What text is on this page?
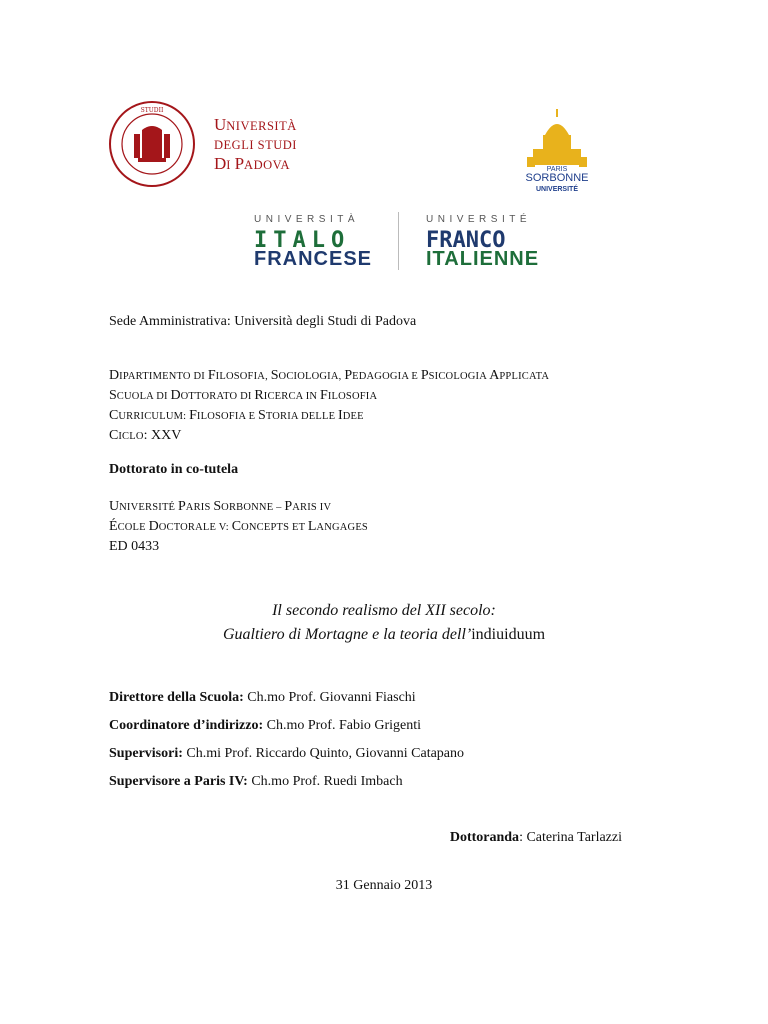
STUDII
UNIVERSITÀ
DEGLI STUDI
DI PADOVA	PARIS
SORBONNE
UNIVERSITÉ
UNIVERSITÀ
ITALO
FRANCESE
UNIVERSITÉ
FRANCO
ITALIENNE
Sede Amministrativa: Università degli Studi di Padova
DIPARTIMENTO DI FILOSOFIA, SOCIOLOGIA, PEDAGOGIA E PSICOLOGIA APPLICATA
SCUOLA DI DOTTORATO DI RICERCA IN FILOSOFIA
CURRICULUM: FILOSOFIA E STORIA DELLE IDEE
CICLO: XXV
Dottorato in co-tutela
UNIVERSITÉ PARIS SORBONNE – PARIS IV
ÉCOLE DOCTORALE V: CONCEPTS ET LANGAGES
ED 0433
Il secondo realismo del XII secolo:
Gualtiero di Mortagne e la teoria dell’indiuiduum
Direttore della Scuola: Ch.mo Prof. Giovanni Fiaschi
Coordinatore d’indirizzo: Ch.mo Prof. Fabio Grigenti
Supervisori: Ch.mi Prof. Riccardo Quinto, Giovanni Catapano
Supervisore a Paris IV: Ch.mo Prof. Ruedi Imbach
Dottoranda: Caterina Tarlazzi
31 Gennaio 2013
